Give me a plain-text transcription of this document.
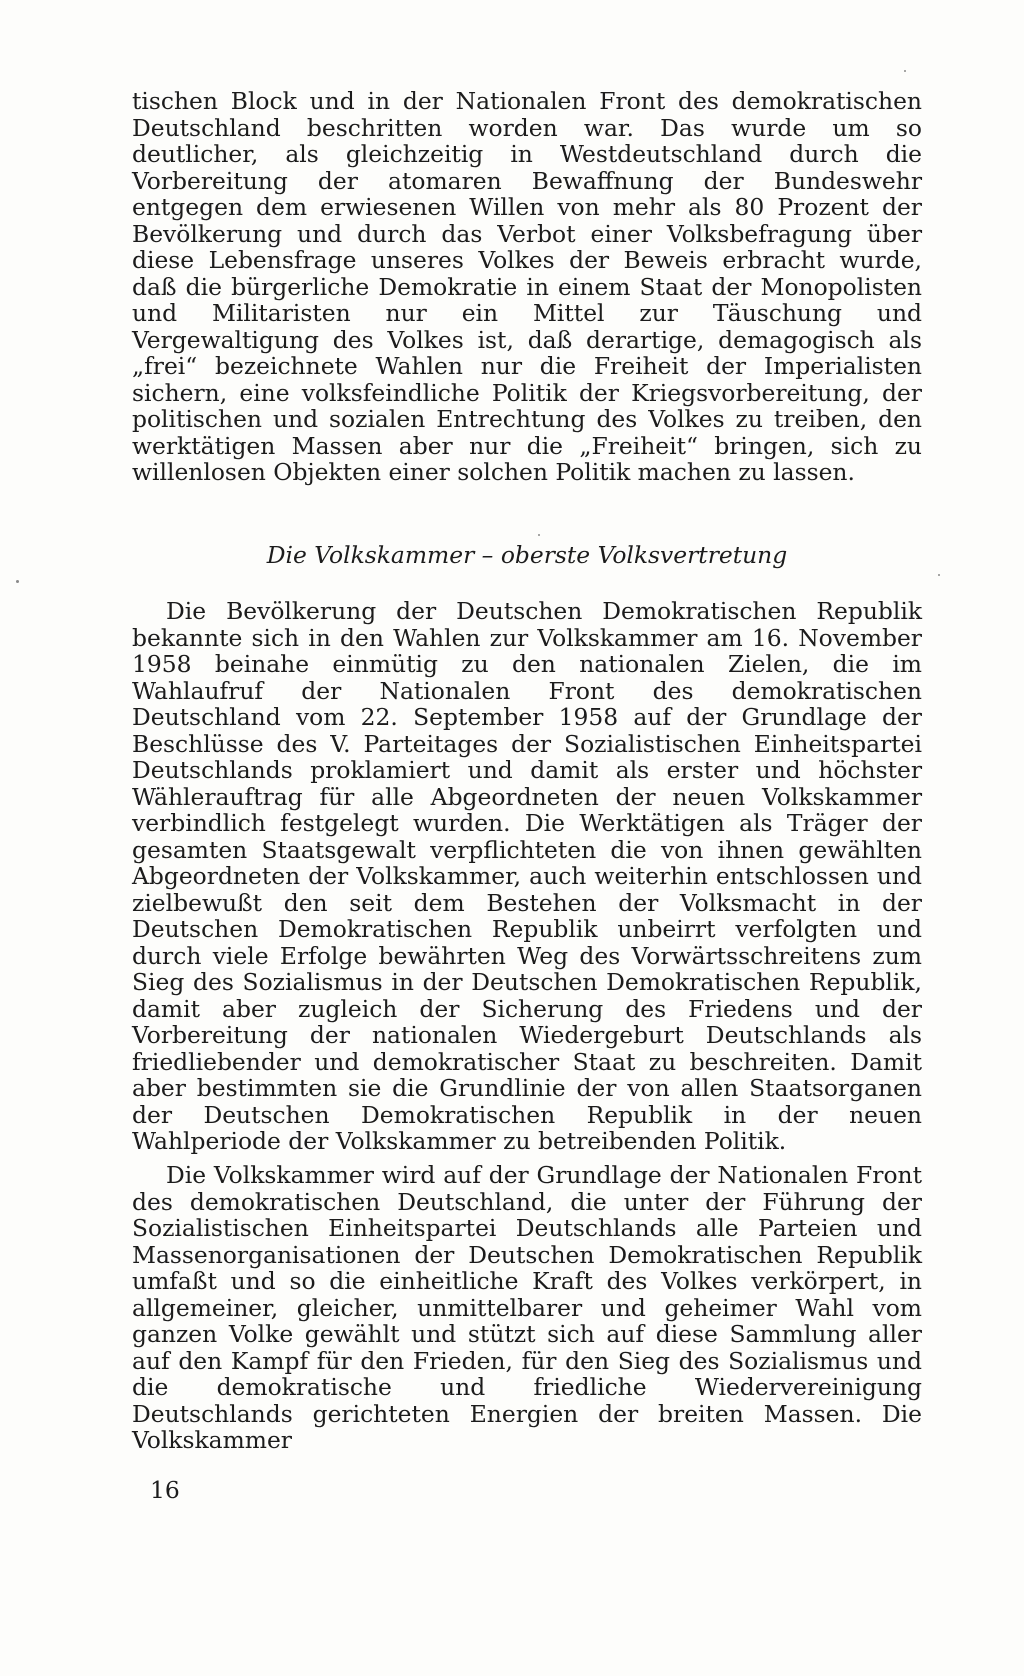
tischen Block und in der Nationalen Front des demokratischen Deutschland beschritten worden war. Das wurde um so deutlicher, als gleichzeitig in Westdeutschland durch die Vorbereitung der atomaren Bewaffnung der Bundeswehr entgegen dem erwiesenen Willen von mehr als 80 Prozent der Bevölkerung und durch das Verbot einer Volksbefragung über diese Lebensfrage unseres Volkes der Beweis erbracht wurde, daß die bürgerliche Demokratie in einem Staat der Monopolisten und Militaristen nur ein Mittel zur Täuschung und Vergewaltigung des Volkes ist, daß derartige, demagogisch als „frei“ bezeichnete Wahlen nur die Freiheit der Imperialisten sichern, eine volksfeindliche Politik der Kriegsvorbereitung, der politischen und sozialen Entrechtung des Volkes zu treiben, den werktätigen Massen aber nur die „Freiheit“ bringen, sich zu willenlosen Objekten einer solchen Politik machen zu lassen.
Die Volkskammer – oberste Volksvertretung
Die Bevölkerung der Deutschen Demokratischen Republik bekannte sich in den Wahlen zur Volkskammer am 16. November 1958 beinahe einmütig zu den nationalen Zielen, die im Wahlaufruf der Nationalen Front des demokratischen Deutschland vom 22. September 1958 auf der Grundlage der Beschlüsse des V. Parteitages der Sozialistischen Einheitspartei Deutschlands proklamiert und damit als erster und höchster Wählerauftrag für alle Abgeordneten der neuen Volkskammer verbindlich festgelegt wurden. Die Werktätigen als Träger der gesamten Staatsgewalt verpflichteten die von ihnen gewählten Abgeordneten der Volkskammer, auch weiterhin entschlossen und zielbewußt den seit dem Bestehen der Volksmacht in der Deutschen Demokratischen Republik unbeirrt verfolgten und durch viele Erfolge bewährten Weg des Vorwärtsschreitens zum Sieg des Sozialismus in der Deutschen Demokratischen Republik, damit aber zugleich der Sicherung des Friedens und der Vorbereitung der nationalen Wiedergeburt Deutschlands als friedliebender und demokratischer Staat zu beschreiten. Damit aber bestimmten sie die Grundlinie der von allen Staatsorganen der Deutschen Demokratischen Republik in der neuen Wahlperiode der Volkskammer zu betreibenden Politik.
Die Volkskammer wird auf der Grundlage der Nationalen Front des demokratischen Deutschland, die unter der Führung der Sozialistischen Einheitspartei Deutschlands alle Parteien und Massenorganisationen der Deutschen Demokratischen Republik umfaßt und so die einheitliche Kraft des Volkes verkörpert, in allgemeiner, gleicher, unmittelbarer und geheimer Wahl vom ganzen Volke gewählt und stützt sich auf diese Sammlung aller auf den Kampf für den Frieden, für den Sieg des Sozialismus und die demokratische und friedliche Wiedervereinigung Deutschlands gerichteten Energien der breiten Massen. Die Volkskammer
16
